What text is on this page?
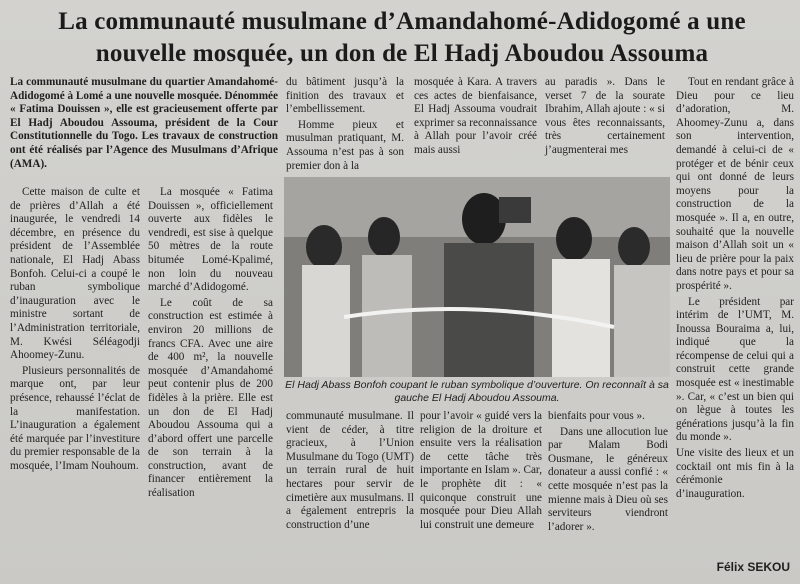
La communauté musulmane d’Amandahomé-Adidogomé a une nouvelle mosquée, un don de El Hadj Aboudou Assouma

La communauté musulmane du quartier Amandahomé-Adidogomé à Lomé a une nouvelle mosquée. Dénommée « Fatima Douissen », elle est gracieusement offerte par El Hadj Aboudou Assouma, président de la Cour Constitutionnelle du Togo. Les travaux de construction ont été réalisés par l’Agence des Musulmans d’Afrique (AMA).

Cette maison de culte et de prières d’Allah a été inaugurée, le vendredi 14 décembre, en présence du président de l’Assemblée nationale, El Hadj Abass Bonfoh. Celui-ci a coupé le ruban symbolique d’inauguration avec le ministre sortant de l’Administration territoriale, M. Kwési Séléagodji Ahoomey-Zunu.

Plusieurs personnalités de marque ont, par leur présence, rehaussé l’éclat de la manifestation. L’inauguration a également été marquée par l’investiture du premier responsable de la mosquée, l’Imam Nouhoum.

La mosquée « Fatima Douissen », officiellement ouverte aux fidèles le vendredi, est sise à quelque 50 mètres de la route bitumée Lomé-Kpalimé, non loin du nouveau marché d’Adidogomé.

Le coût de sa construction est estimée à environ 20 millions de francs CFA. Avec une aire de 400 m², la nouvelle mosquée d’Amandahomé peut contenir plus de 200 fidèles à la prière. Elle est un don de El Hadj Aboudou Assouma qui a d’abord offert une parcelle de son terrain à la construction, avant de financer entièrement la réalisation

du bâtiment jusqu’à la finition des travaux et l’embellissement.

Homme pieux et musulman pratiquant, M. Assouma n’est pas à son premier don à la

mosquée à Kara. A travers ces actes de bienfaisance, El Hadj Assouma voudrait exprimer sa reconnaissance à Allah pour l’avoir créé mais aussi

au paradis ». Dans le verset 7 de la sourate Ibrahim, Allah ajoute : « si vous êtes reconnaissants, très certainement j’augmenterai mes

Tout en rendant grâce à Dieu pour ce lieu d’adoration, M. Ahoomey-Zunu a, dans son intervention, demandé à celui-ci de « protéger et de bénir ceux qui ont donné de leurs moyens pour la construction de la mosquée ». Il a, en outre, souhaité que la nouvelle maison d’Allah soit un « lieu de prière pour la paix dans notre pays et pour sa prospérité ».

Le président par intérim de l’UMT, M. Inoussa Bouraima a, lui, indiqué que la récompense de celui qui a construit cette grande mosquée est « inestimable ». Car, « c’est un bien qui on lègue à toutes les générations jusqu’à la fin du monde ».

Une visite des lieux et un cocktail ont mis fin à la cérémonie d’inauguration.

El Hadj Abass Bonfoh coupant le ruban symbolique d’ouverture. On reconnaît à sa gauche El Hadj Aboudou Assouma.

communauté musulmane. Il vient de céder, à titre gracieux, à l’Union Musulmane du Togo (UMT) un terrain rural de huit hectares pour servir de cimetière aux musulmans. Il a également entrepris la construction d’une

pour l’avoir « guidé vers la religion de la droiture et ensuite vers la réalisation de cette tâche très importante en Islam ». Car, le prophète dit : « quiconque construit une mosquée pour Dieu Allah lui construit une demeure

bienfaits pour vous ».

Dans une allocution lue par Malam Bodi Ousmane, le généreux donateur a aussi confié : « cette mosquée n’est pas la mienne mais à Dieu où ses serviteurs viendront l’adorer ».

Félix SEKOU
